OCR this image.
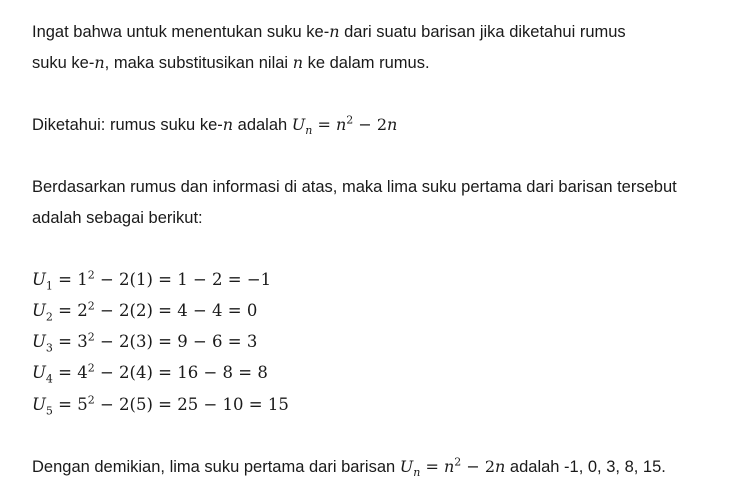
Ingat bahwa untuk menentukan suku ke-n dari suatu barisan jika diketahui rumus
suku ke-n, maka substitusikan nilai n ke dalam rumus.
Diketahui: rumus suku ke-n adalah $U_n = n^2 - 2n$
Berdasarkan rumus dan informasi di atas, maka lima suku pertama dari barisan tersebut
adalah sebagai berikut:
$U_1 = 1^2 - 2(1) = 1 - 2 = -1$
$U_2 = 2^2 - 2(2) = 4 - 4 = 0$
$U_3 = 3^2 - 2(3) = 9 - 6 = 3$
$U_4 = 4^2 - 2(4) = 16 - 8 = 8$
$U_5 = 5^2 - 2(5) = 25 - 10 = 15$
Dengan demikian, lima suku pertama dari barisan $U_n = n^2 - 2n$ adalah -1, 0, 3, 8, 15.
